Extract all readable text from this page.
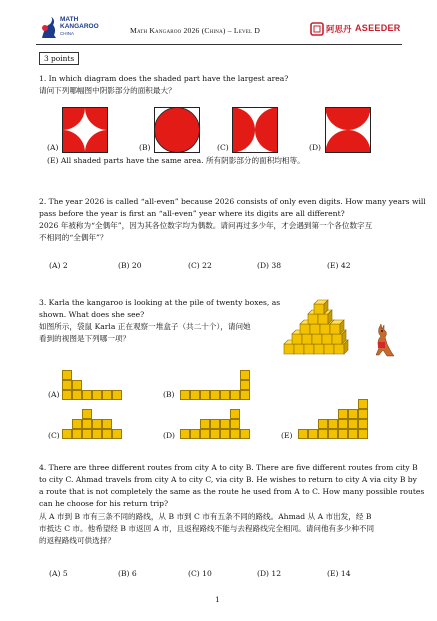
MATH
KANGAROO
CHINA	Math Kangaroo 2026 (China) – Level D	阿思丹 ASEEDER
3 points
1. In which diagram does the shaded part have the largest area?
请问下列哪幅图中阴影部分的面积最大？
(A)	(B)	(C)	(D)
(E) All shaded parts have the same area. 所有阴影部分的面积均相等。
2. The year 2026 is called “all-even” because 2026 consists of only even digits. How many years will
pass before the year is first an “all-even” year where its digits are all different?
2026 年被称为“全偶年”，因为其各位数字均为偶数。请问再过多少年，才会遇到第一个各位数字互
不相同的“全偶年”？
(A) 2	(B) 20	(C) 22	(D) 38	(E) 42
3. Karla the kangaroo is looking at the pile of twenty boxes, as
shown. What does she see?
如图所示，袋鼠 Karla 正在观察一堆盒子（共二十个），请问她
看到的视图是下列哪一项？
(A)	(B)
(C)	(D)	(E)
4. There are three different routes from city A to city B. There are five different routes from city B
to city C. Ahmad travels from city A to city C, via city B. He wishes to return to city A via city B by
a route that is not completely the same as the route he used from A to C. How many possible routes
can he choose for his return trip?
从 A 市到 B 市有三条不同的路线，从 B 市到 C 市有五条不同的路线。Ahmad 从 A 市出发，经 B
市抵达 C 市。他希望经 B 市返回 A 市，且返程路线不能与去程路线完全相同。请问他有多少种不同
的返程路线可供选择？
(A) 5	(B) 6	(C) 10	(D) 12	(E) 14
1
